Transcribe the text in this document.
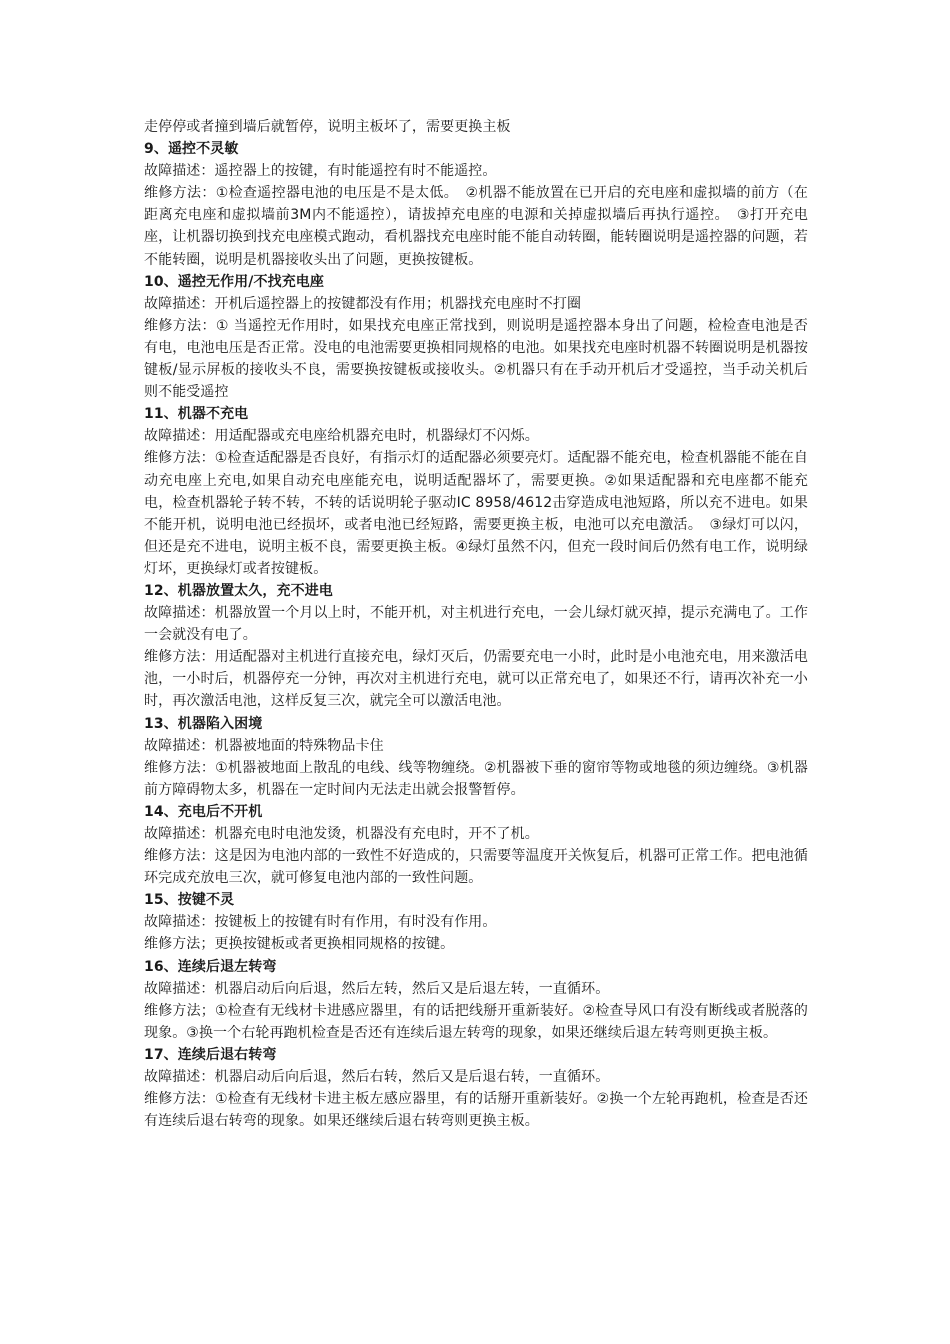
走停停或者撞到墙后就暂停，说明主板坏了，需要更换主板

9、遥控不灵敏

故障描述：遥控器上的按键，有时能遥控有时不能遥控。

维修方法：①检查遥控器电池的电压是不是太低。　②机器不能放置在已开启的充电座和虚拟墙的前方（在距离充电座和虚拟墙前3M内不能遥控），请拔掉充电座的电源和关掉虚拟墙后再执行遥控。　③打开充电座，让机器切换到找充电座模式跑动，看机器找充电座时能不能自动转圈，能转圈说明是遥控器的问题，若不能转圈，说明是机器接收头出了问题，更换按键板。

10、遥控无作用/不找充电座

故障描述：开机后遥控器上的按键都没有作用；机器找充电座时不打圈

维修方法：① 当遥控无作用时，如果找充电座正常找到，则说明是遥控器本身出了问题，检检查电池是否有电，电池电压是否正常。没电的电池需要更换相同规格的电池。如果找充电座时机器不转圈说明是机器按键板/显示屏板的接收头不良，需要换按键板或接收头。②机器只有在手动开机后才受遥控，当手动关机后则不能受遥控

11、机器不充电

故障描述：用适配器或充电座给机器充电时，机器绿灯不闪烁。

维修方法：①检查适配器是否良好，有指示灯的适配器必须要亮灯。适配器不能充电，检查机器能不能在自动充电座上充电,如果自动充电座能充电，说明适配器坏了，需要更换。②如果适配器和充电座都不能充电，检查机器轮子转不转，不转的话说明轮子驱动IC 8958/4612击穿造成电池短路，所以充不进电。如果不能开机，说明电池已经损坏，或者电池已经短路，需要更换主板，电池可以充电激活。　③绿灯可以闪，但还是充不进电，说明主板不良，需要更换主板。④绿灯虽然不闪，但充一段时间后仍然有电工作，说明绿灯坏，更换绿灯或者按键板。

12、机器放置太久，充不进电

故障描述：机器放置一个月以上时，不能开机，对主机进行充电，一会儿绿灯就灭掉，提示充满电了。工作 一会就没有电了。

维修方法：用适配器对主机进行直接充电，绿灯灭后，仍需要充电一小时，此时是小电池充电，用来激活电池，一小时后，机器停充一分钟，再次对主机进行充电，就可以正常充电了，如果还不行，请再次补充一小时，再次激活电池，这样反复三次，就完全可以激活电池。

13、机器陷入困境

故障描述：机器被地面的特殊物品卡住

维修方法：①机器被地面上散乱的电线、线等物缠绕。②机器被下垂的窗帘等物或地毯的须边缠绕。③机器前方障碍物太多，机器在一定时间内无法走出就会报警暂停。

14、充电后不开机

故障描述：机器充电时电池发烫，机器没有充电时，开不了机。

维修方法：这是因为电池内部的一致性不好造成的，只需要等温度开关恢复后，机器可正常工作。把电池循环完成充放电三次，就可修复电池内部的一致性问题。

15、按键不灵

故障描述：按键板上的按键有时有作用，有时没有作用。

维修方法；更换按键板或者更换相同规格的按键。

16、连续后退左转弯

故障描述：机器启动后向后退，然后左转，然后又是后退左转，一直循环。

维修方法；①检查有无线材卡进感应器里，有的话把线掰开重新装好。②检查导风口有没有断线或者脱落的现象。③换一个右轮再跑机检查是否还有连续后退左转弯的现象，如果还继续后退左转弯则更换主板。

17、连续后退右转弯

故障描述：机器启动后向后退，然后右转，然后又是后退右转，一直循环。

维修方法：①检查有无线材卡进主板左感应器里，有的话掰开重新装好。②换一个左轮再跑机，检查是否还有连续后退右转弯的现象。如果还继续后退右转弯则更换主板。
